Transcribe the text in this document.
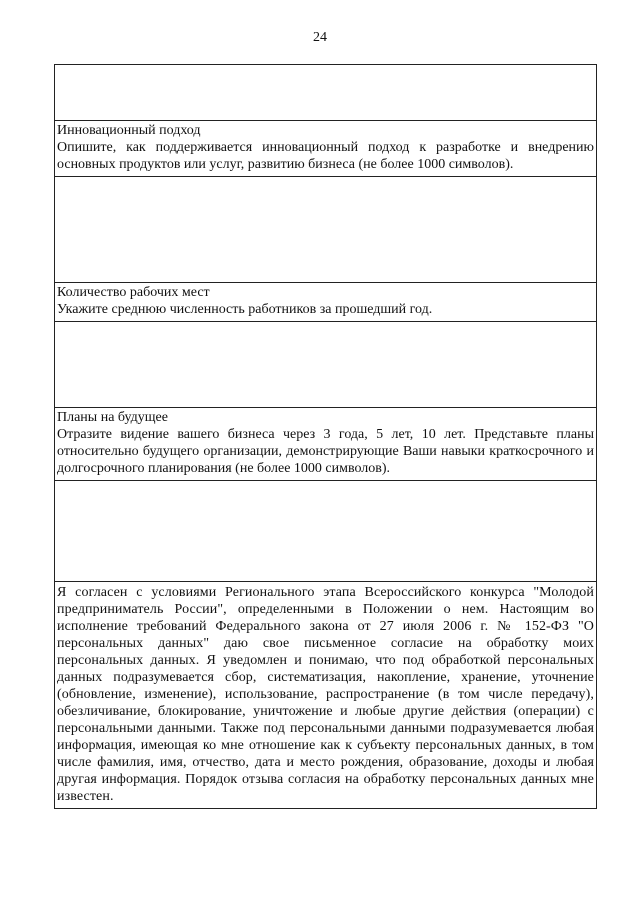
24
Инновационный подход
Опишите, как поддерживается инновационный подход к разработке и внедрению основных продуктов или услуг, развитию бизнеса (не более 1000 символов).
Количество рабочих мест
Укажите среднюю численность работников за прошедший год.
Планы на будущее
Отразите видение вашего бизнеса через 3 года, 5 лет, 10 лет. Представьте планы относительно будущего организации, демонстрирующие Ваши навыки краткосрочного и долгосрочного планирования (не более 1000 символов).
Я согласен с условиями Регионального этапа Всероссийского конкурса "Молодой предприниматель России", определенными в Положении о нем. Настоящим во исполнение требований Федерального закона от 27 июля 2006 г. № 152-ФЗ "О персональных данных" даю свое письменное согласие на обработку моих персональных данных. Я уведомлен и понимаю, что под обработкой персональных данных подразумевается сбор, систематизация, накопление, хранение, уточнение (обновление, изменение), использование, распространение (в том числе передачу), обезличивание, блокирование, уничтожение и любые другие действия (операции) с персональными данными. Также под персональными данными подразумевается любая информация, имеющая ко мне отношение как к субъекту персональных данных, в том числе фамилия, имя, отчество, дата и место рождения, образование, доходы и любая другая информация. Порядок отзыва согласия на обработку персональных данных мне известен.
